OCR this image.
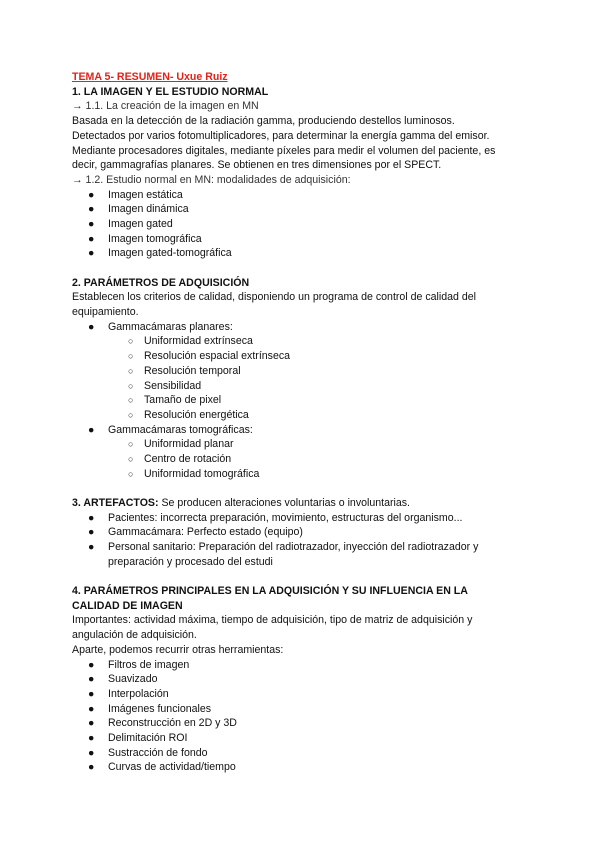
TEMA 5- RESUMEN- Uxue Ruiz

1. LA IMAGEN Y EL ESTUDIO NORMAL

→ 1.1. La creación de la imagen en MN

Basada en la detección de la radiación gamma, produciendo destellos luminosos.

Detectados por varios fotomultiplicadores, para determinar la energía gamma del emisor.

Mediante procesadores digitales, mediante píxeles para medir el volumen del paciente, es

decir, gammagrafías planares. Se obtienen en tres dimensiones por el SPECT.

→ 1.2. Estudio normal en MN: modalidades de adquisición:

● Imagen estática
● Imagen dinámica
● Imagen gated
● Imagen tomográfica
● Imagen gated-tomográfica
2. PARÁMETROS DE ADQUISICIÓN

Establecen los criterios de calidad, disponiendo un programa de control de calidad del

equipamiento.

● Gammacámaras planares:
○ Uniformidad extrínseca
○ Resolución espacial extrínseca
○ Resolución temporal
○ Sensibilidad
○ Tamaño de pixel
○ Resolución energética
● Gammacámaras tomográficas:
○ Uniformidad planar
○ Centro de rotación
○ Uniformidad tomográfica

3. ARTEFACTOS: Se producen alteraciones voluntarias o involuntarias.

● Pacientes: incorrecta preparación, movimiento, estructuras del organismo...
● Gammacámara: Perfecto estado (equipo)
● Personal sanitario: Preparación del radiotrazador, inyección del radiotrazador y
preparación y procesado del estudi
4. PARÁMETROS PRINCIPALES EN LA ADQUISICIÓN Y SU INFLUENCIA EN LA
CALIDAD DE IMAGEN

Importantes: actividad máxima, tiempo de adquisición, tipo de matriz de adquisición y

angulación de adquisición.

Aparte, podemos recurrir otras herramientas:

● Filtros de imagen
● Suavizado
● Interpolación
● Imágenes funcionales
● Reconstrucción en 2D y 3D
● Delimitación ROI
● Sustracción de fondo
● Curvas de actividad/tiempo
